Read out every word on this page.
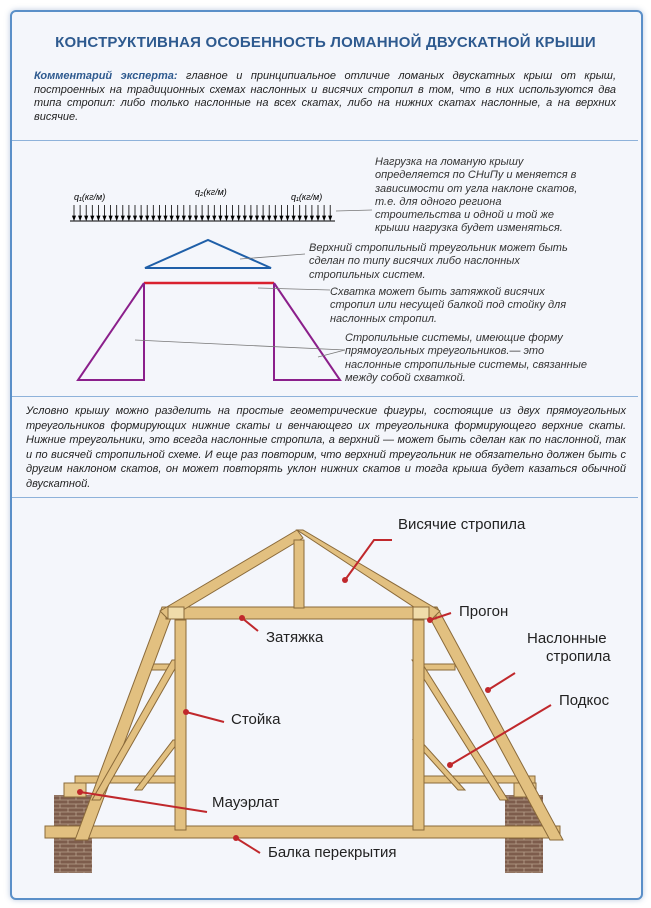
КОНСТРУКТИВНАЯ ОСОБЕННОСТЬ ЛОМАННОЙ ДВУСКАТНОЙ КРЫШИ
Комментарий эксперта: главное и принципиальное отличие ломаных двускатных крыш от крыш, построенных на традиционных схемах наслонных и висячих стропил в том, что в них используются два типа стропил: либо только наслонные на всех скатах, либо на нижних скатах наслонные, а на верхних висячие.
q₁(кг/м)	q₂(кг/м)	q₁(кг/м)
Нагрузка на ломаную крышу определяется по СНиПу и меняется в зависимости от угла наклоне скатов, т.е. для одного региона строительства и одной и той же крыши нагрузка будет изменяться.
Верхний стропильный треугольник может быть сделан по типу висячих либо наслонных стропильных систем.
Схватка может быть затяжкой висячих стропил или несущей балкой под стойку для наслонных стропил.
Стропильные системы, имеющие форму прямоугольных треугольников.— это наслонные стропильные системы, связанные между собой схваткой.
Условно крышу можно разделить на простые геометрические фигуры, состоящие из двух прямоугольных треугольников формирующих нижние скаты и венчающего их треугольника формирующего верхние скаты. Нижние треугольники, это всегда наслонные стропила, а верхний — может быть сделан как по наслонной, так и по висячей стропильной схеме. И еще раз повторим, что верхний треугольник не обязательно должен быть с другим наклоном скатов, он может повторять уклон нижних скатов и тогда крыша будет казаться обычной двускатной.
Висячие стропила
Прогон
Затяжка	Наслонные
стропила
Подкос
Стойка
Мауэрлат
Балка перекрытия
